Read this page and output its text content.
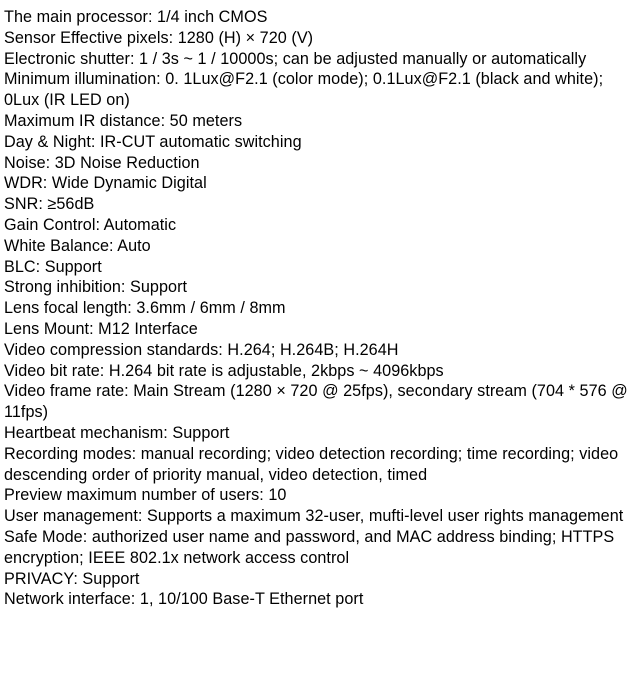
The main processor: 1/4 inch CMOS
Sensor Effective pixels: 1280 (H) × 720 (V)
Electronic shutter: 1 / 3s ~ 1 / 10000s; can be adjusted manually or automatically
Minimum illumination: 0. 1Lux@F2.1 (color mode); 0.1Lux@F2.1 (black and white); 0Lux (IR LED on)
Maximum IR distance: 50 meters
Day & Night: IR-CUT automatic switching
Noise: 3D Noise Reduction
WDR: Wide Dynamic Digital
SNR: ≥56dB
Gain Control: Automatic
White Balance: Auto
BLC: Support
Strong inhibition: Support
Lens focal length: 3.6mm / 6mm / 8mm
Lens Mount: M12 Interface
Video compression standards: H.264; H.264B; H.264H
Video bit rate: H.264 bit rate is adjustable, 2kbps ~ 4096kbps
Video frame rate: Main Stream (1280 × 720 @ 25fps), secondary stream (704 * 576 @ 11fps)
Heartbeat mechanism: Support
Recording modes: manual recording; video detection recording; time recording; video descending order of priority manual, video detection, timed
Preview maximum number of users: 10
User management: Supports a maximum 32-user, mufti-level user rights management
Safe Mode: authorized user name and password, and MAC address binding; HTTPS encryption; IEEE 802.1x network access control
PRIVACY: Support
Network interface: 1, 10/100 Base-T Ethernet port
